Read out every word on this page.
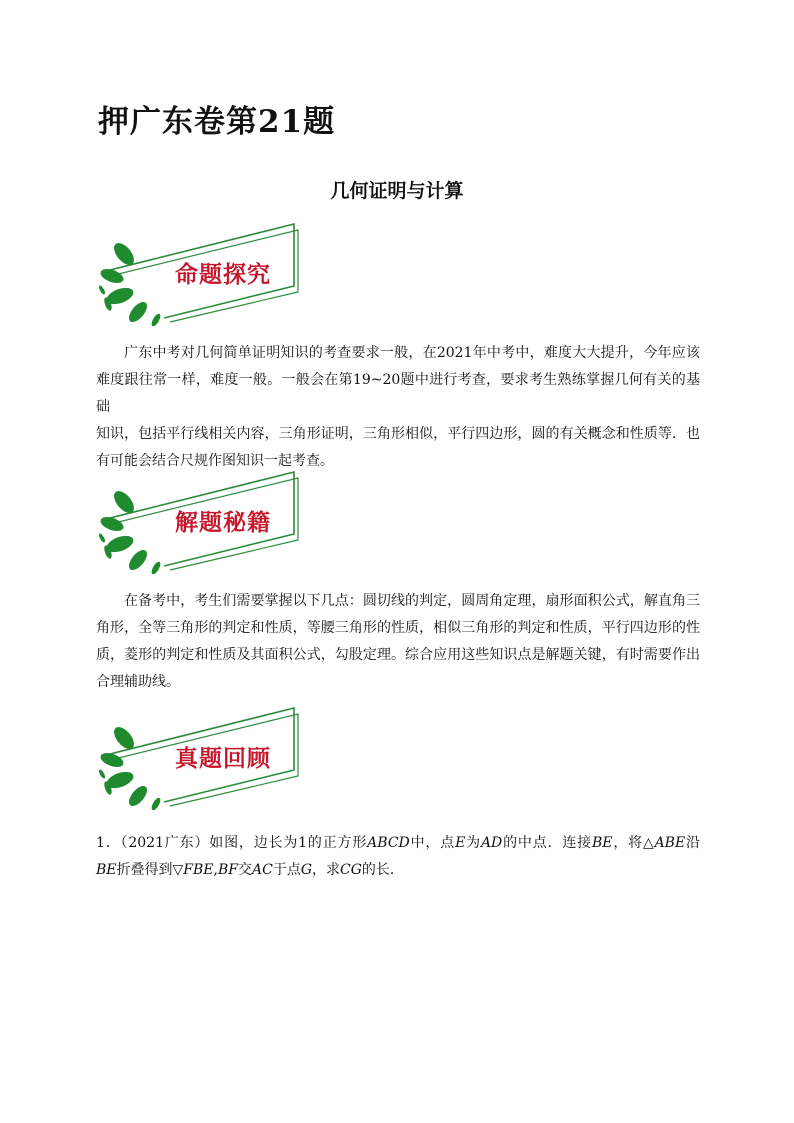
押广东卷第21题
几何证明与计算
命题探究
广东中考对几何简单证明知识的考查要求一般，在2021年中考中，难度大大提升，今年应该
难度跟往常一样，难度一般。一般会在第19~20题中进行考查，要求考生熟练掌握几何有关的基础
知识，包括平行线相关内容，三角形证明，三角形相似，平行四边形，圆的有关概念和性质等．也
有可能会结合尺规作图知识一起考查。
解题秘籍
在备考中，考生们需要掌握以下几点：圆切线的判定，圆周角定理，扇形面积公式，解直角三
角形，全等三角形的判定和性质，等腰三角形的性质，相似三角形的判定和性质，平行四边形的性
质，菱形的判定和性质及其面积公式，勾股定理。综合应用这些知识点是解题关键，有时需要作出
合理辅助线。
真题回顾
1．（2021广东）如图，边长为1的正方形ABCD中，点E为AD的中点．连接BE，将△ABE沿
BE折叠得到▽FBE,BF交AC于点G，求CG的长．
